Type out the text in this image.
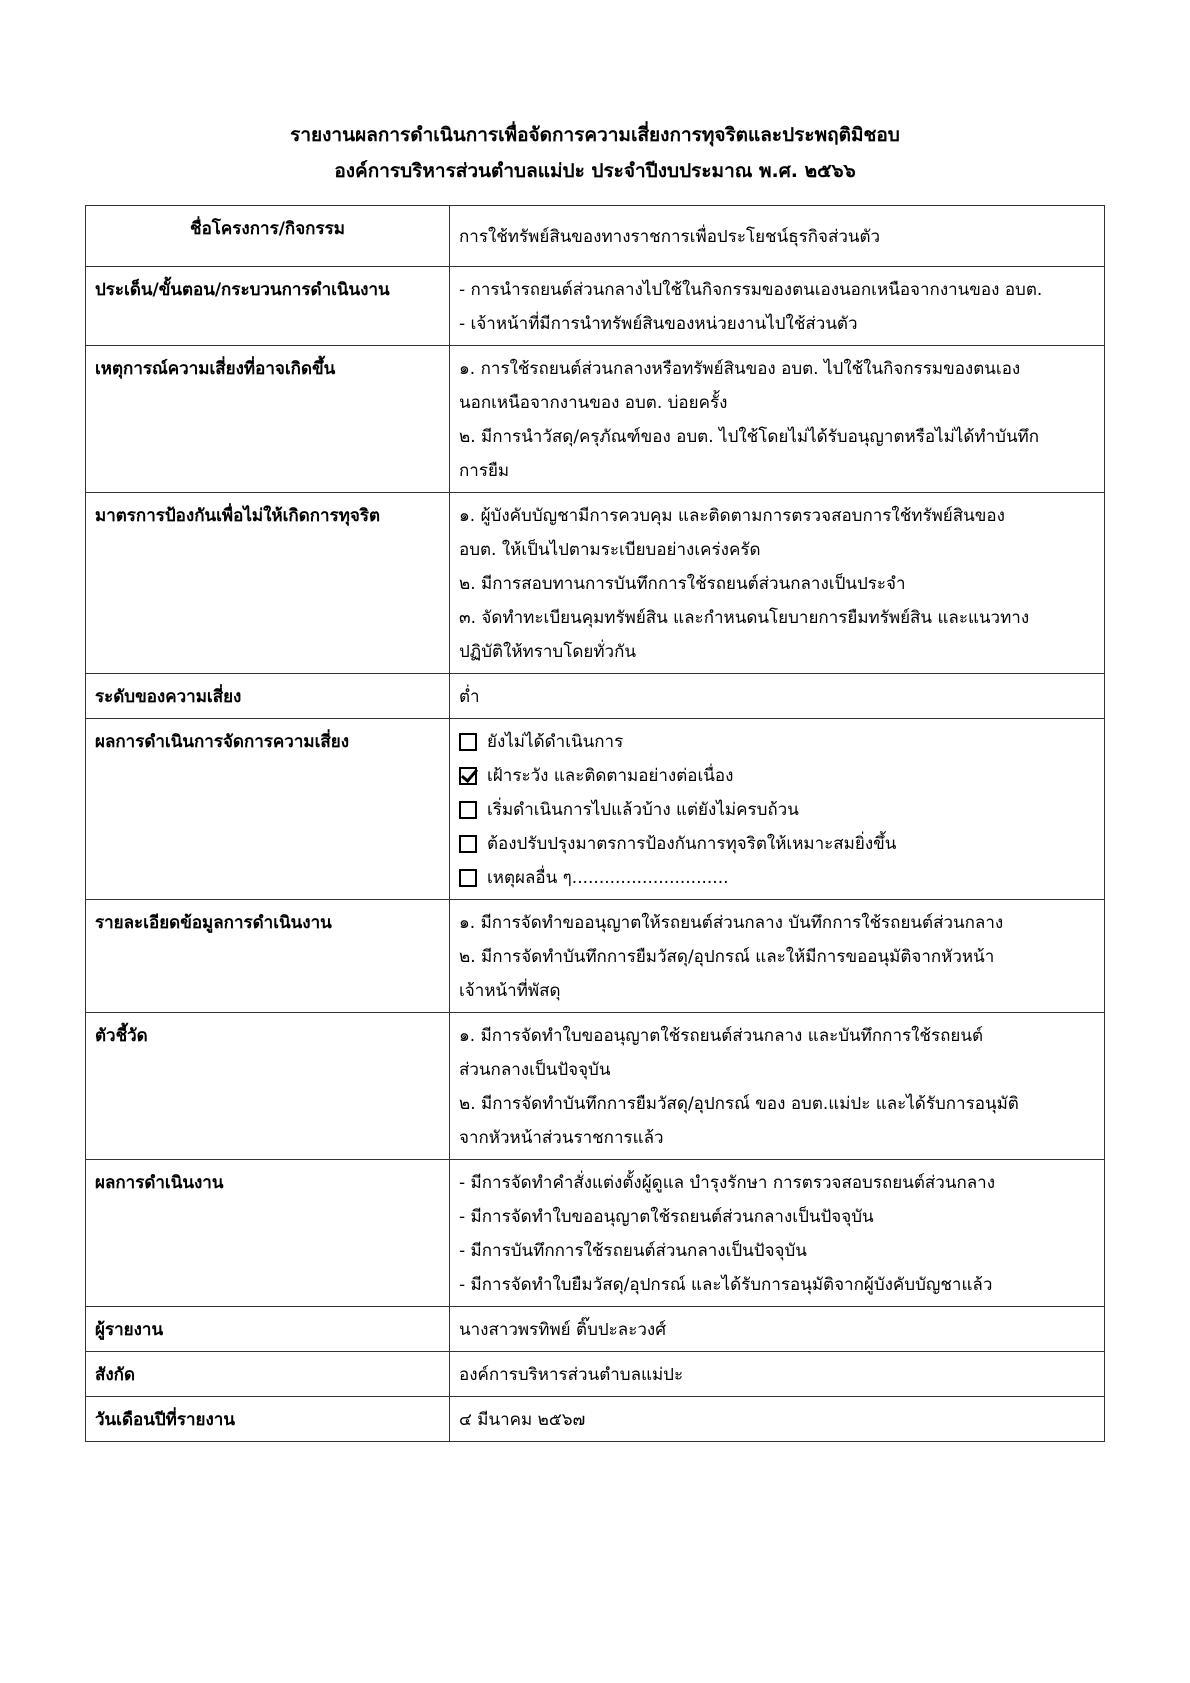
รายงานผลการดำเนินการเพื่อจัดการความเสี่ยงการทุจริตและประพฤติมิชอบ
องค์การบริหารส่วนตำบลแม่ปะ ประจำปีงบประมาณ พ.ศ. ๒๕๖๖
ชื่อโครงการ/กิจกรรม	การใช้ทรัพย์สินของทางราชการเพื่อประโยชน์ธุรกิจส่วนตัว
ประเด็น/ขั้นตอน/กระบวนการดำเนินงาน	- การนำรถยนต์ส่วนกลางไปใช้ในกิจกรรมของตนเองนอกเหนือจากงานของ อบต.
- เจ้าหน้าที่มีการนำทรัพย์สินของหน่วยงานไปใช้ส่วนตัว

เหตุการณ์ความเสี่ยงที่อาจเกิดขึ้น	๑. การใช้รถยนต์ส่วนกลางหรือทรัพย์สินของ อบต. ไปใช้ในกิจกรรมของตนเอง
นอกเหนือจากงานของ อบต. บ่อยครั้ง
๒. มีการนำวัสดุ/ครุภัณฑ์ของ อบต. ไปใช้โดยไม่ได้รับอนุญาตหรือไม่ได้ทำบันทึก
การยืม

มาตรการป้องกันเพื่อไม่ให้เกิดการทุจริต	๑. ผู้บังคับบัญชามีการควบคุม และติดตามการตรวจสอบการใช้ทรัพย์สินของ
อบต. ให้เป็นไปตามระเบียบอย่างเคร่งครัด
๒. มีการสอบทานการบันทึกการใช้รถยนต์ส่วนกลางเป็นประจำ
๓. จัดทำทะเบียนคุมทรัพย์สิน และกำหนดนโยบายการยืมทรัพย์สิน และแนวทาง
ปฏิบัติให้ทราบโดยทั่วกัน

ระดับของความเสี่ยง	ต่ำ
ผลการดำเนินการจัดการความเสี่ยง	ยังไม่ได้ดำเนินการ
เฝ้าระวัง และติดตามอย่างต่อเนื่อง
เริ่มดำเนินการไปแล้วบ้าง แต่ยังไม่ครบถ้วน
ต้องปรับปรุงมาตรการป้องกันการทุจริตให้เหมาะสมยิ่งขึ้น
เหตุผลอื่น ๆ.............................

รายละเอียดข้อมูลการดำเนินงาน	๑. มีการจัดทำขออนุญาตให้รถยนต์ส่วนกลาง บันทึกการใช้รถยนต์ส่วนกลาง
๒. มีการจัดทำบันทึกการยืมวัสดุ/อุปกรณ์ และให้มีการขออนุมัติจากหัวหน้า
เจ้าหน้าที่พัสดุ

ตัวชี้วัด	๑. มีการจัดทำใบขออนุญาตใช้รถยนต์ส่วนกลาง และบันทึกการใช้รถยนต์
ส่วนกลางเป็นปัจจุบัน
๒. มีการจัดทำบันทึกการยืมวัสดุ/อุปกรณ์ ของ อบต.แม่ปะ และได้รับการอนุมัติ
จากหัวหน้าส่วนราชการแล้ว

ผลการดำเนินงาน	- มีการจัดทำคำสั่งแต่งตั้งผู้ดูแล บำรุงรักษา การตรวจสอบรถยนต์ส่วนกลาง
- มีการจัดทำใบขออนุญาตใช้รถยนต์ส่วนกลางเป็นปัจจุบัน
- มีการบันทึกการใช้รถยนต์ส่วนกลางเป็นปัจจุบัน
- มีการจัดทำใบยืมวัสดุ/อุปกรณ์ และได้รับการอนุมัติจากผู้บังคับบัญชาแล้ว

ผู้รายงาน	นางสาวพรทิพย์ ติ๊บปะละวงศ์
สังกัด	องค์การบริหารส่วนตำบลแม่ปะ
วันเดือนปีที่รายงาน	๔ มีนาคม ๒๕๖๗
